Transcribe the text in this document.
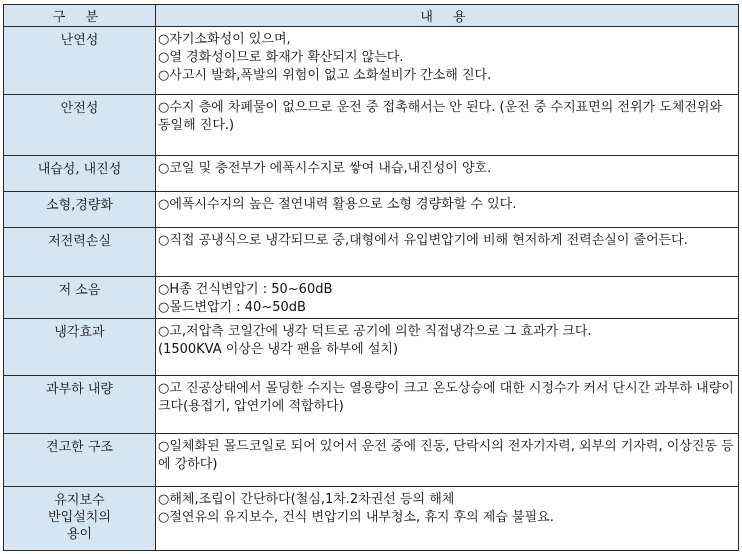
구 분	내 용
난연성	○자기소화성이 있으며,
○열 경화성이므로 화재가 확산되지 않는다.
○사고시 발화,폭발의 위험이 없고 소화설비가 간소해 진다.

안전성	○수지 층에 차폐물이 없으므로 운전 중 접촉해서는 안 된다. (운전 중 수지표면의 전위가 도체전위와 동일해 진다.)

내습성, 내진성	○코일 및 충전부가 에폭시수지로 쌓여 내습,내진성이 양호.

소형,경량화	○에폭시수지의 높은 절연내력 활용으로 소형 경량화할 수 있다.

저전력손실	○직접 공냉식으로 냉각되므로 중,대형에서 유입변압기에 비해 현저하게 전력손실이 줄어든다.

저 소음	○H종 건식변압기 : 50~60dB
○몰드변압기 : 40~50dB

냉각효과	○고,저압측 코일간에 냉각 덕트로 공기에 의한 직접냉각으로 그 효과가 크다.
(1500KVA 이상은 냉각 팬을 하부에 설치)

과부하 내량	○고 진공상태에서 몰딩한 수지는 열용량이 크고 온도상승에 대한 시정수가 커서 단시간 과부하 내량이 크다(용접기, 압연기에 적합하다)

견고한 구조	○일체화된 몰드코일로 되어 있어서 운전 중에 진동, 단락시의 전자기자력, 외부의 기자력, 이상진동 등에 강하다)

유지보수
반입설치의
용이	○해체,조립이 간단하다(철심,1차.2차권선 등의 해체
○절연유의 유지보수, 건식 변압기의 내부청소, 휴지 후의 제습 불필요.
